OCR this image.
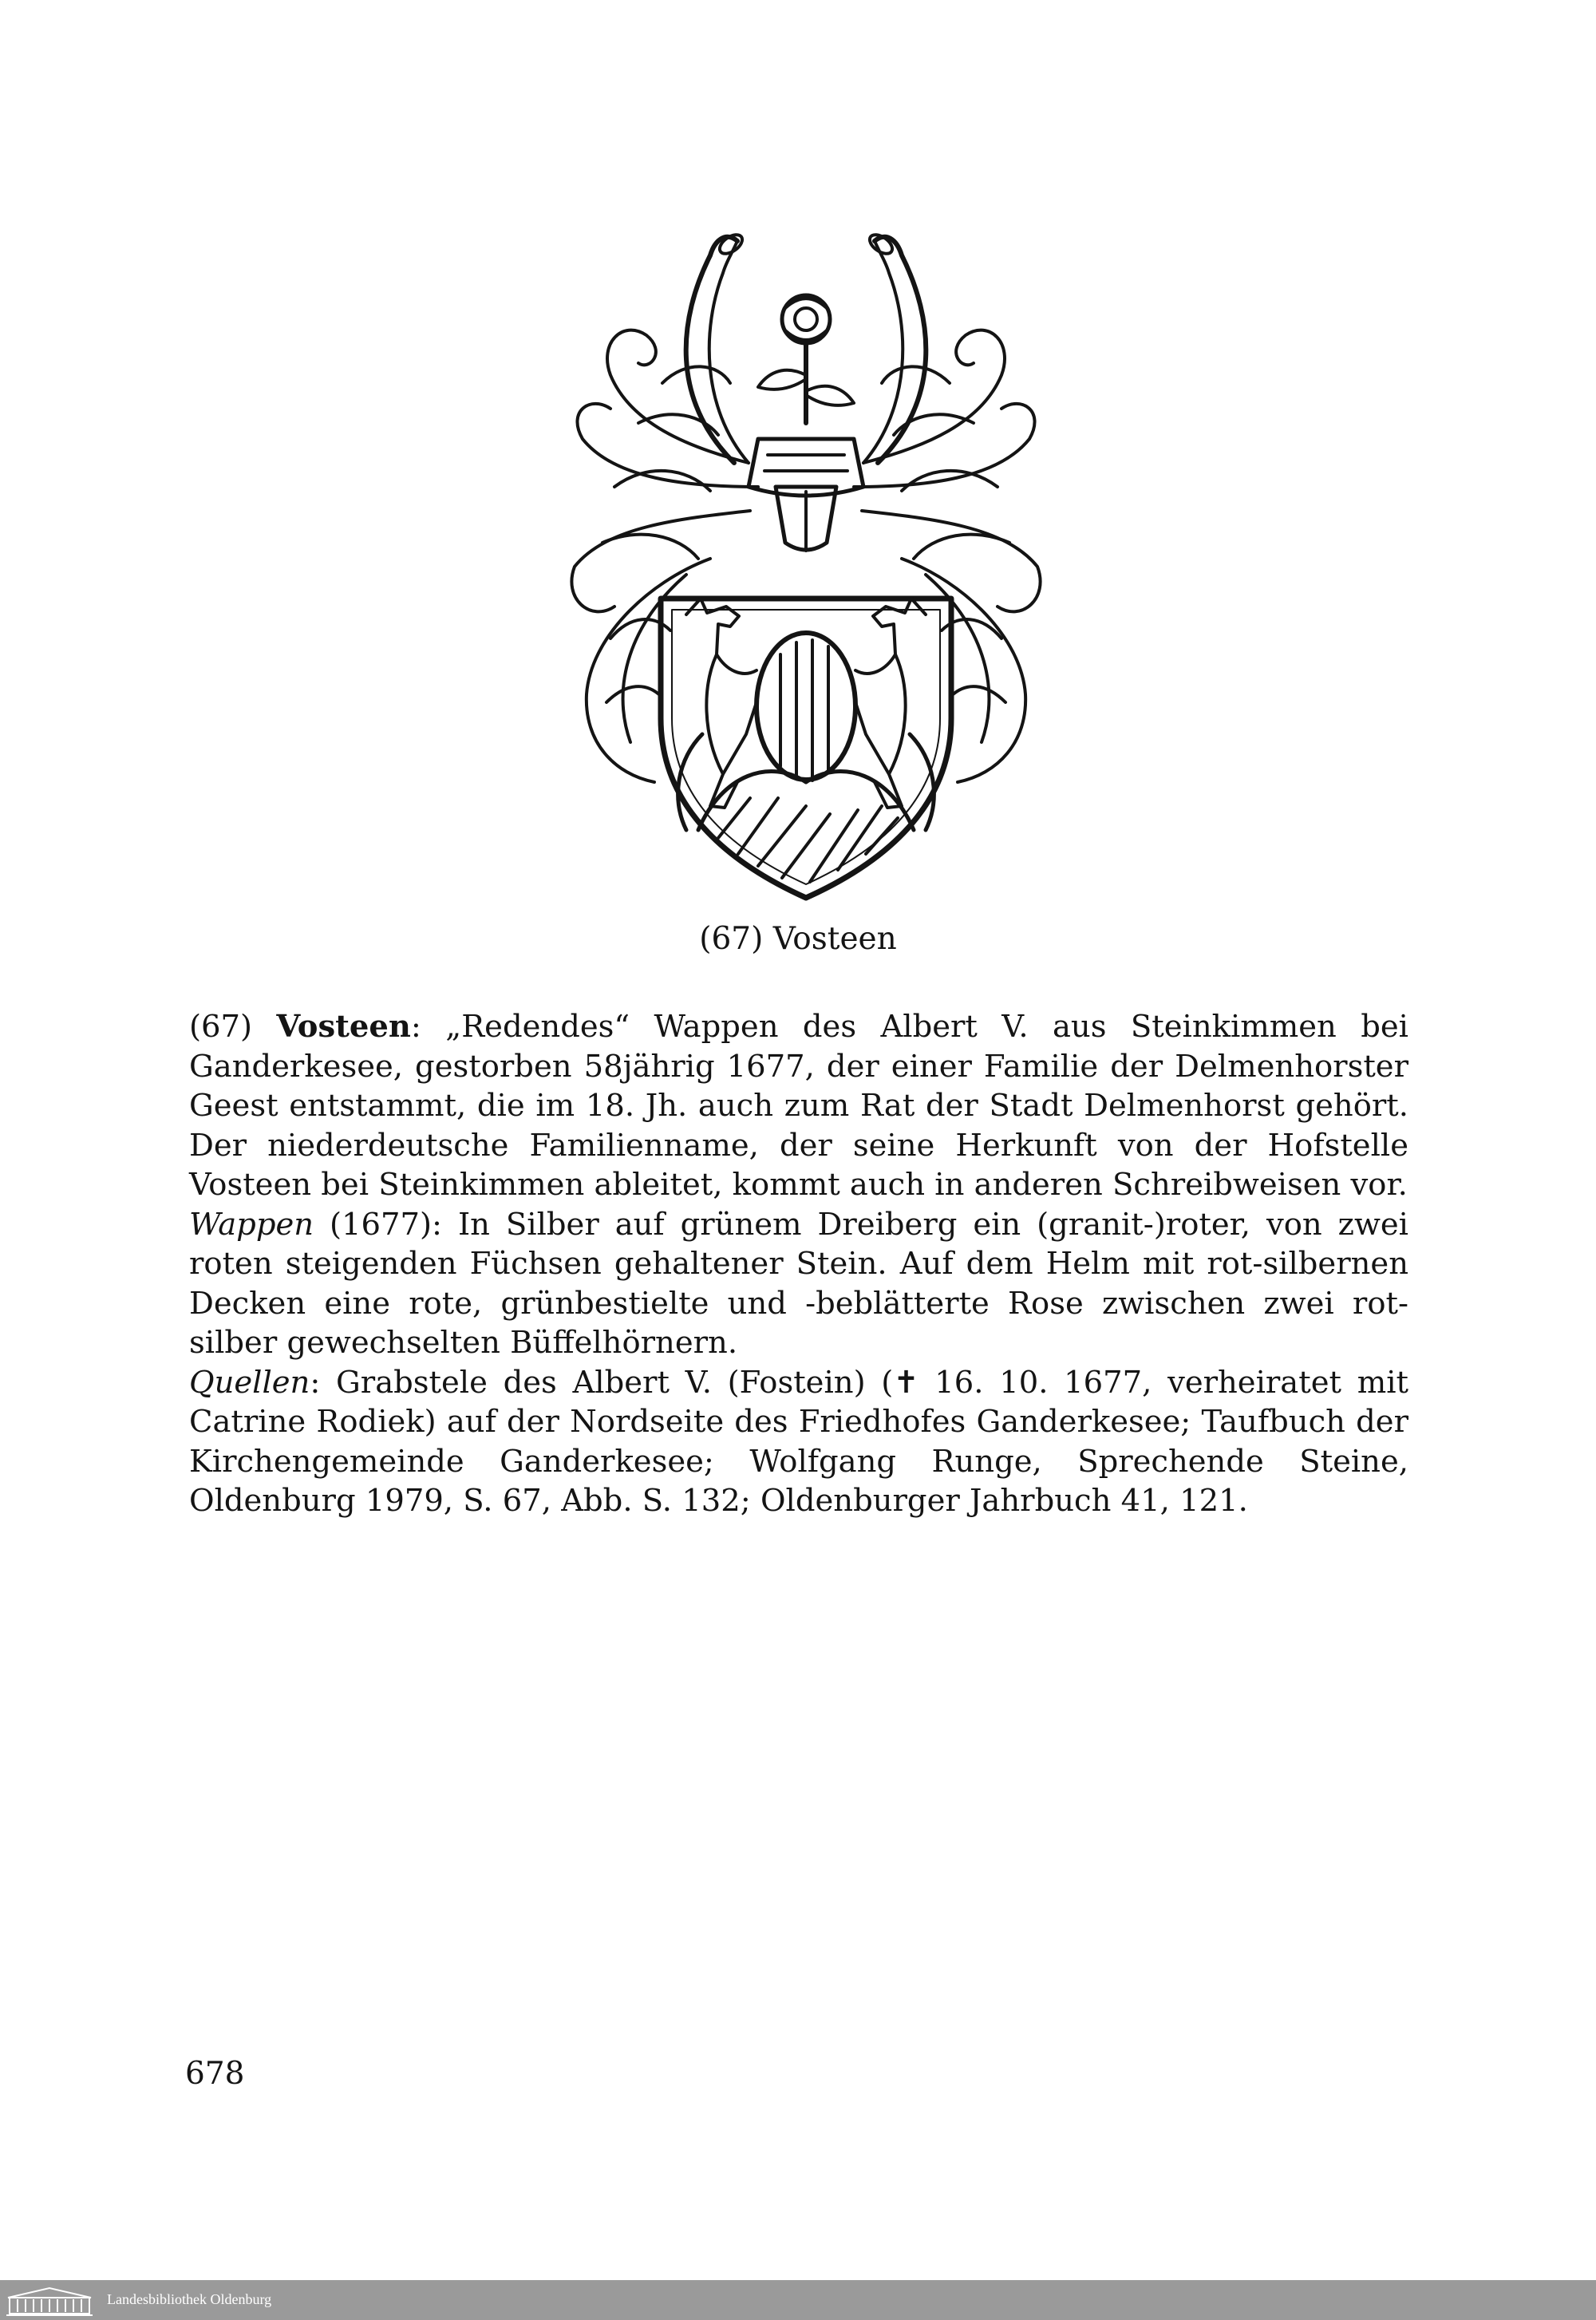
(67) Vosteen

(67) Vosteen: „Redendes“ Wappen des Albert V. aus Steinkimmen bei Ganderkesee, gestorben 58jährig 1677, der einer Familie der Delmenhorster Geest entstammt, die im 18. Jh. auch zum Rat der Stadt Delmenhorst gehört. Der niederdeutsche Familienname, der seine Herkunft von der Hofstelle Vosteen bei Steinkimmen ableitet, kommt auch in anderen Schreibweisen vor.

Wappen (1677): In Silber auf grünem Dreiberg ein (granit-)roter, von zwei roten steigenden Füchsen gehaltener Stein. Auf dem Helm mit rot-silbernen Decken eine rote, grünbestielte und -beblätterte Rose zwischen zwei rot-silber gewechselten Büffelhörnern.

Quellen: Grabstele des Albert V. (Fostein) (✝ 16. 10. 1677, verheiratet mit Catrine Rodiek) auf der Nordseite des Friedhofes Ganderkesee; Taufbuch der Kirchengemeinde Ganderkesee; Wolfgang Runge, Sprechende Steine, Oldenburg 1979, S. 67, Abb. S. 132; Oldenburger Jahrbuch 41, 121.

678
Landesbibliothek Oldenburg
